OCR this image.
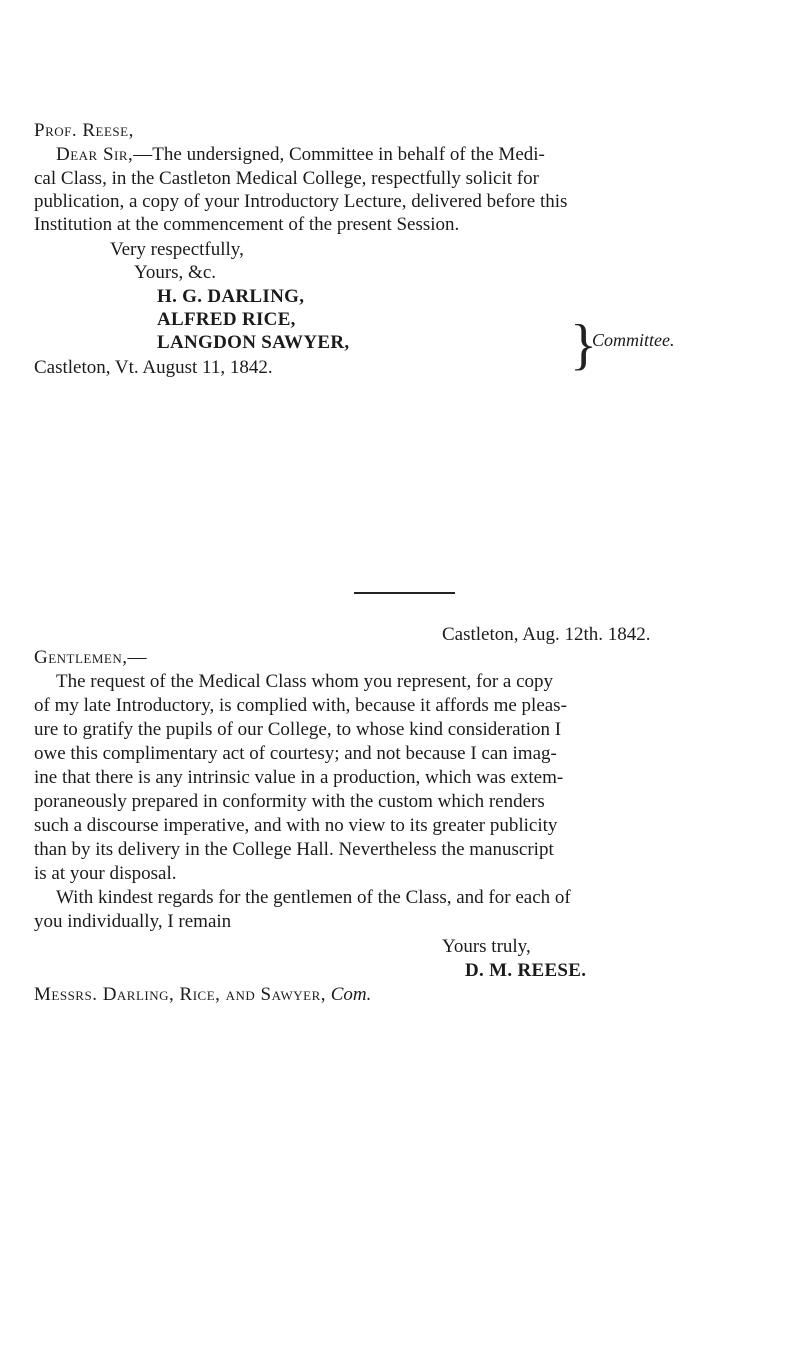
Prof. Reese,
Dear Sir,—The undersigned, Committee in behalf of the Medi-
cal Class, in the Castleton Medical College, respectfully solicit for
publication, a copy of your Introductory Lecture, delivered before this
Institution at the commencement of the present Session.
Very respectfully,
Yours, &c.
H. G. DARLING,
ALFRED RICE,
LANGDON SAWYER,	}
Committee.
Castleton, Vt. August 11, 1842.
Castleton, Aug. 12th. 1842.
Gentlemen,—
The request of the Medical Class whom you represent, for a copy
of my late Introductory, is complied with, because it affords me pleas-
ure to gratify the pupils of our College, to whose kind consideration I
owe this complimentary act of courtesy; and not because I can imag-
ine that there is any intrinsic value in a production, which was extem-
poraneously prepared in conformity with the custom which renders
such a discourse imperative, and with no view to its greater publicity
than by its delivery in the College Hall. Nevertheless the manuscript
is at your disposal.
With kindest regards for the gentlemen of the Class, and for each of
you individually, I remain
Yours truly,
D. M. REESE.
Messrs. Darling, Rice, and Sawyer, Com.
